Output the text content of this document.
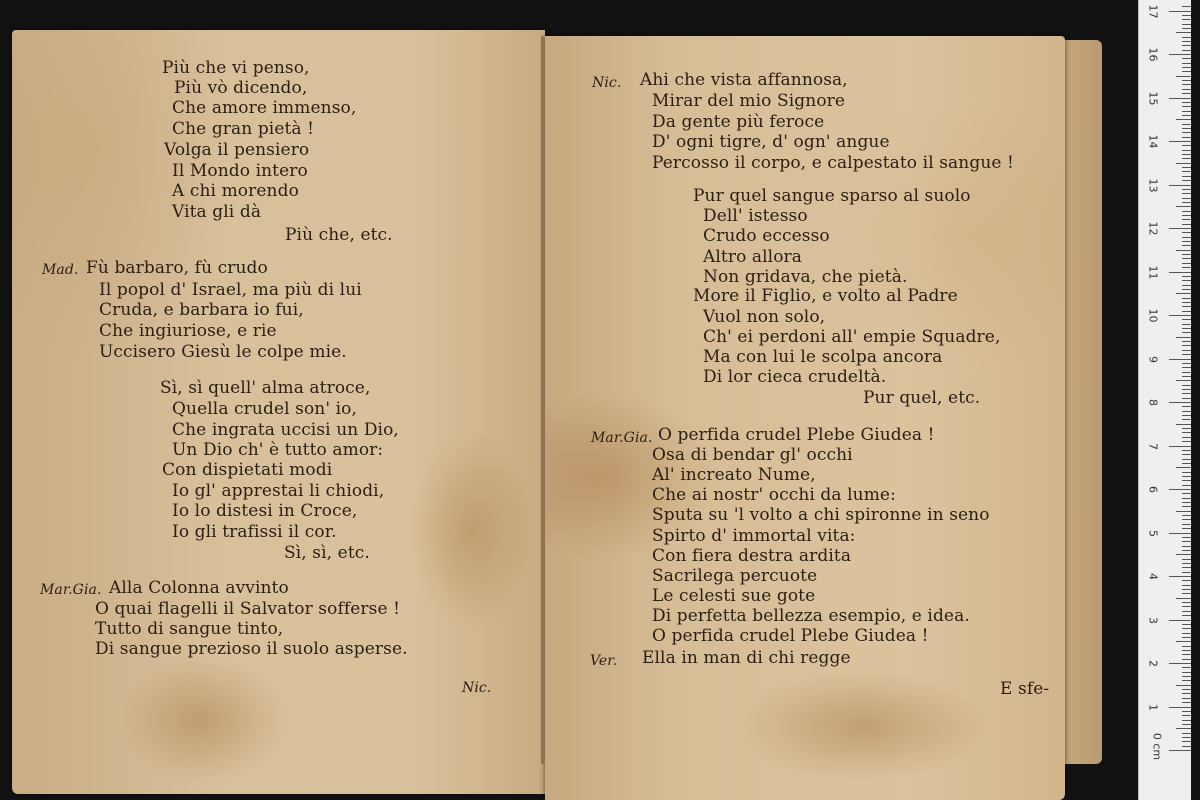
Più che vi penso,
Più vò dicendo,
Che amore immenso,
Che gran pietà !
Volga il pensiero
Il Mondo intero
A chi morendo
Vita gli dà
Più che, etc.
Mad. Fù barbaro, fù crudo
Il popol d' Israel, ma più di lui
Cruda, e barbara io fui,
Che ingiuriose, e rie
Uccisero Giesù le colpe mie.
Sì, sì quell' alma atroce,
Quella crudel son' io,
Che ingrata uccisi un Dio,
Un Dio ch' è tutto amor:
Con dispietati modi
Io gl' apprestai li chiodi,
Io lo distesi in Croce,
Io gli trafissi il cor.
Sì, sì, etc.
Mar.Gia. Alla Colonna avvinto
O quai flagelli il Salvator sofferse !
Tutto di sangue tinto,
Di sangue prezioso il suolo asperse.
Nic.
Nic. Ahi che vista affannosa,
Mirar del mio Signore
Da gente più feroce
D' ogni tigre, d' ogn' angue
Percosso il corpo, e calpestato il sangue !
Pur quel sangue sparso al suolo
Dell' istesso
Crudo eccesso
Altro allora
Non gridava, che pietà.
More il Figlio, e volto al Padre
Vuol non solo,
Ch' ei perdoni all' empie Squadre,
Ma con lui le scolpa ancora
Di lor cieca crudeltà.
Pur quel, etc.
Mar.Gia. O perfida crudel Plebe Giudea !
Osa di bendar gl' occhi
Al' increato Nume,
Che ai nostr' occhi da lume:
Sputa su 'l volto a chi spironne in seno
Spirto d' immortal vita:
Con fiera destra ardita
Sacrilega percuote
Le celesti sue gote
Di perfetta bellezza esempio, e idea.
O perfida crudel Plebe Giudea !
Ver. Ella in man di chi regge
E sfe-
0 cm
1
2
3
4
5
6
7
8
9
10
11
12
13
14
15
16
17
